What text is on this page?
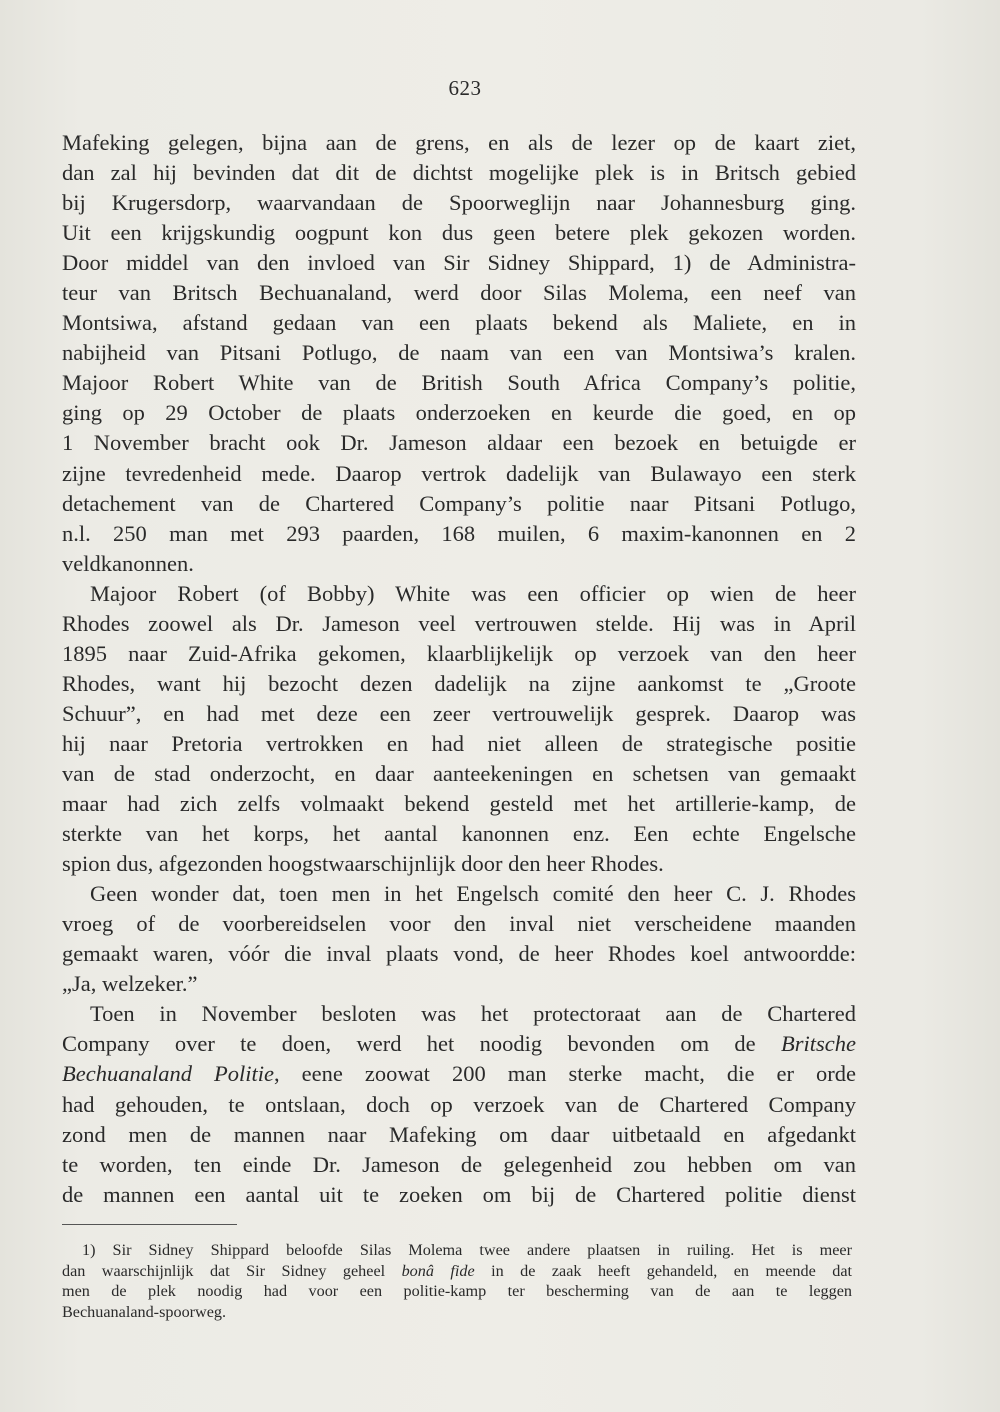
623
Mafeking gelegen, bijna aan de grens, en als de lezer op de kaart ziet,
dan zal hij bevinden dat dit de dichtst mogelijke plek is in Britsch gebied
bij Krugersdorp, waarvandaan de Spoorweglijn naar Johannesburg ging.
Uit een krijgskundig oogpunt kon dus geen betere plek gekozen worden.
Door middel van den invloed van Sir Sidney Shippard, 1) de Administra-
teur van Britsch Bechuanaland, werd door Silas Molema, een neef van
Montsiwa, afstand gedaan van een plaats bekend als Maliete, en in
nabijheid van Pitsani Potlugo, de naam van een van Montsiwa’s kralen.
Majoor Robert White van de British South Africa Company’s politie,
ging op 29 October de plaats onderzoeken en keurde die goed, en op
1 November bracht ook Dr. Jameson aldaar een bezoek en betuigde er
zijne tevredenheid mede. Daarop vertrok dadelijk van Bulawayo een sterk
detachement van de Chartered Company’s politie naar Pitsani Potlugo,
n.l. 250 man met 293 paarden, 168 muilen, 6 maxim-kanonnen en 2
veldkanonnen.
Majoor Robert (of Bobby) White was een officier op wien de heer
Rhodes zoowel als Dr. Jameson veel vertrouwen stelde. Hij was in April
1895 naar Zuid-Afrika gekomen, klaarblijkelijk op verzoek van den heer
Rhodes, want hij bezocht dezen dadelijk na zijne aankomst te „Groote
Schuur”, en had met deze een zeer vertrouwelijk gesprek. Daarop was
hij naar Pretoria vertrokken en had niet alleen de strategische positie
van de stad onderzocht, en daar aanteekeningen en schetsen van gemaakt
maar had zich zelfs volmaakt bekend gesteld met het artillerie-kamp, de
sterkte van het korps, het aantal kanonnen enz. Een echte Engelsche
spion dus, afgezonden hoogstwaarschijnlijk door den heer Rhodes.
Geen wonder dat, toen men in het Engelsch comité den heer C. J. Rhodes
vroeg of de voorbereidselen voor den inval niet verscheidene maanden
gemaakt waren, vóór die inval plaats vond, de heer Rhodes koel antwoordde:
„Ja, welzeker.”
Toen in November besloten was het protectoraat aan de Chartered
Company over te doen, werd het noodig bevonden om de Britsche
Bechuanaland Politie, eene zoowat 200 man sterke macht, die er orde
had gehouden, te ontslaan, doch op verzoek van de Chartered Company
zond men de mannen naar Mafeking om daar uitbetaald en afgedankt
te worden, ten einde Dr. Jameson de gelegenheid zou hebben om van
de mannen een aantal uit te zoeken om bij de Chartered politie dienst
1) Sir Sidney Shippard beloofde Silas Molema twee andere plaatsen in ruiling. Het is meer
dan waarschijnlijk dat Sir Sidney geheel bonâ fide in de zaak heeft gehandeld, en meende dat
men de plek noodig had voor een politie-kamp ter bescherming van de aan te leggen
Bechuanaland-spoorweg.
